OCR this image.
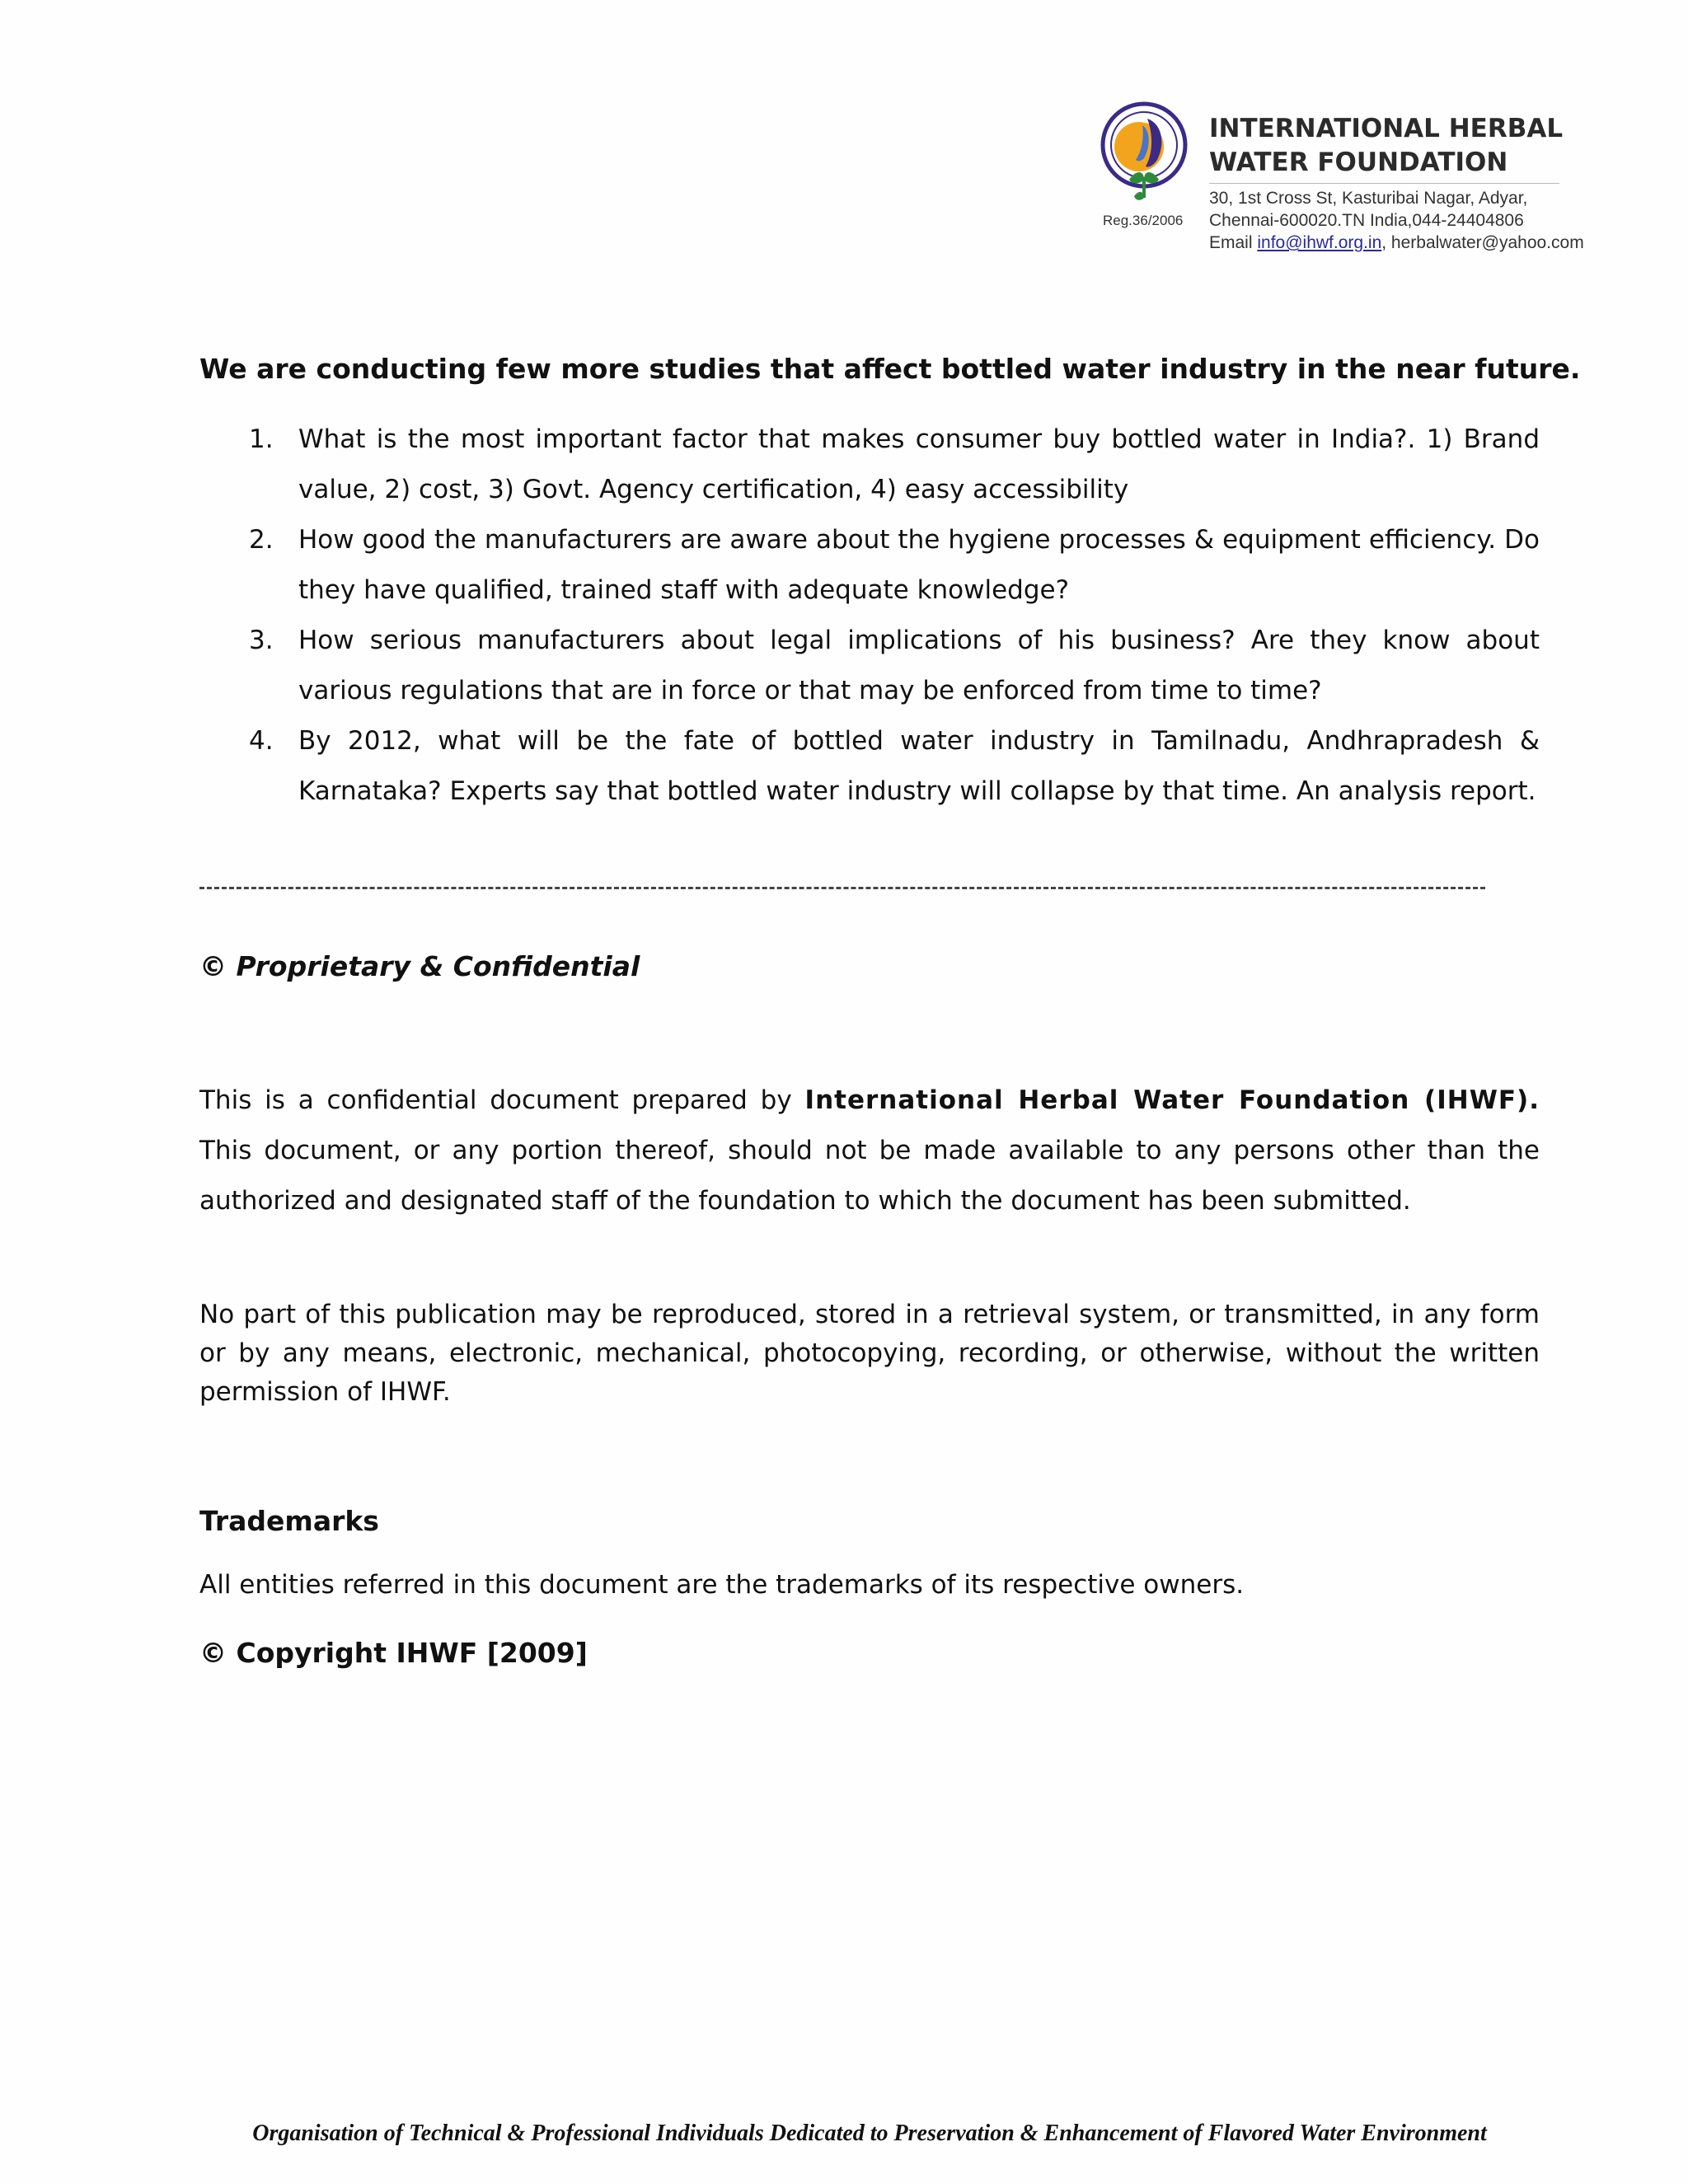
Reg.36/2006
INTERNATIONAL HERBAL
WATER FOUNDATION
30, 1st Cross St, Kasturibai Nagar, Adyar,
Chennai-600020.TN India,044-24404806
Email info@ihwf.org.in, herbalwater@yahoo.com
We are conducting few more studies that affect bottled water industry in the near future.
1. What is the most important factor that makes consumer buy bottled water in India?. 1) Brand value, 2) cost, 3) Govt. Agency certification, 4) easy accessibility
2. How good the manufacturers are aware about the hygiene processes & equipment efficiency. Do they have qualified, trained staff with adequate knowledge?
3. How serious manufacturers about legal implications of his business? Are they know about various regulations that are in force or that may be enforced from time to time?
4. By 2012, what will be the fate of bottled water industry in Tamilnadu, Andhrapradesh & Karnataka? Experts say that bottled water industry will collapse by that time. An analysis report.
© Proprietary & Confidential

This is a confidential document prepared by International Herbal Water Foundation (IHWF). This document, or any portion thereof, should not be made available to any persons other than the authorized and designated staff of the foundation to which the document has been submitted.

No part of this publication may be reproduced, stored in a retrieval system, or transmitted, in any form or by any means, electronic, mechanical, photocopying, recording, or otherwise, without the written permission of IHWF.

Trademarks
All entities referred in this document are the trademarks of its respective owners.
© Copyright IHWF [2009]
Organisation of Technical & Professional Individuals Dedicated to Preservation & Enhancement of Flavored Water Environment
